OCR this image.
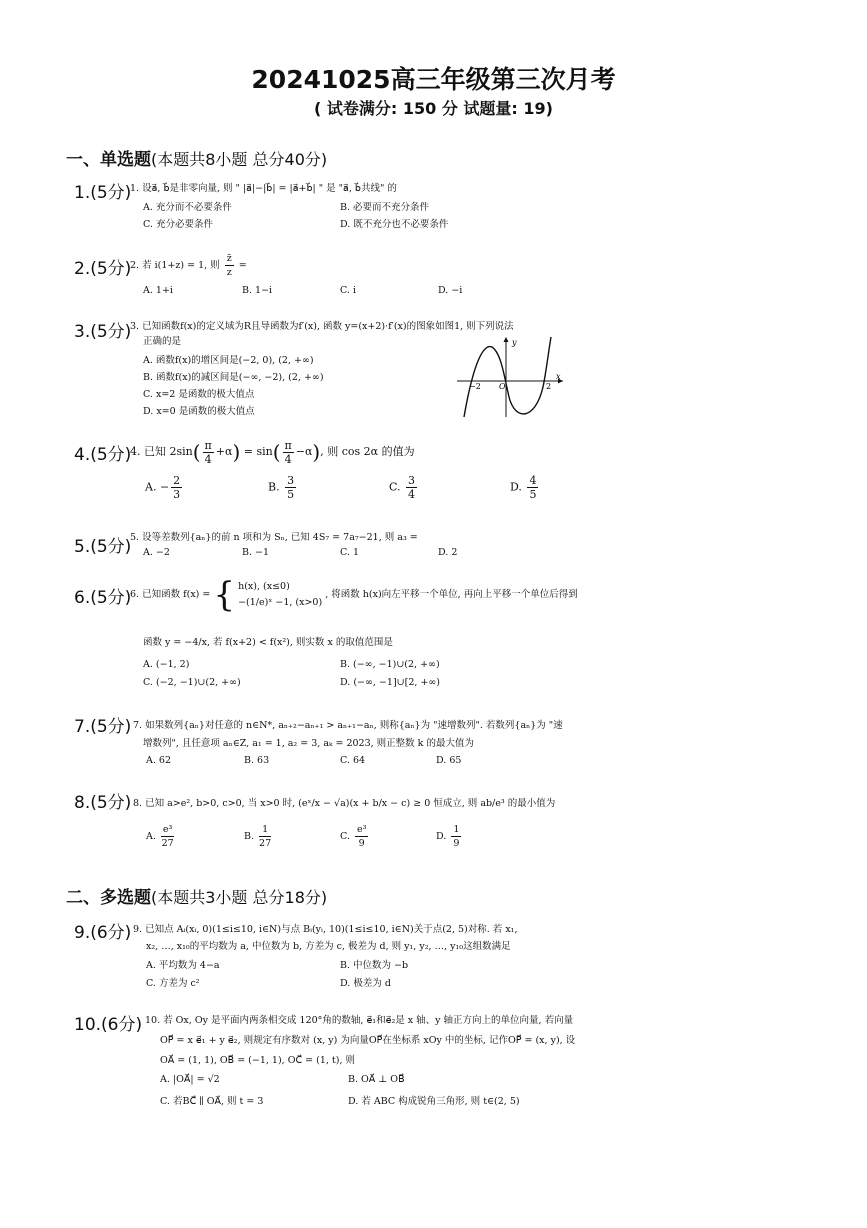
20241025高三年级第三次月考
( 试卷满分: 150 分 试题量: 19)
一、单选题(本题共8小题 总分40分)
1.(5分)
1. 设a⃗, b⃗是非零向量, 则 " |a⃗|−|b⃗| = |a⃗+b⃗| " 是 "a⃗, b⃗共线" 的
A. 充分而不必要条件	B. 必要而不充分条件
C. 充分必要条件	D. 既不充分也不必要条件
2.(5分)
2. 若 i(1+z) = 1, 则 $\frac{z̄}{z}$ =
A. 1+i	B. 1−i	C. i	D. −i
3.(5分)
3. 已知函数f(x)的定义域为R且导函数为f′(x), 函数 y=(x+2)·f′(x)的图象如图1, 则下列说法
正确的是
A. 函数f(x)的增区间是(−2, 0), (2, +∞)
B. 函数f(x)的减区间是(−∞, −2), (2, +∞)
C. x=2 是函数的极大值点
D. x=0 是函数的极大值点
y
x
−2 O	2
4.(5分)
4. 已知 $2\sin( \frac{\pi}{4} +\alpha) = \sin( \frac{\pi}{4} -\alpha)$, 则 cos 2α 的值为
A. − $\frac{2}{3}$	B. $\frac{3}{5}$	C. $\frac{3}{4}$	D. $\frac{4}{5}$
5.(5分)
5. 设等差数列{aₙ}的前 n 项和为 Sₙ, 已知 4S₇ = 7a₇−21, 则 a₃ =
A. −2	B. −1	C. 1	D. 2
6.(5分)
6. 已知函数 f(x) = { h(x), (x≤0)
−(1/e)ˣ −1, (x>0)
, 将函数 h(x)向左平移一个单位, 再向上平移一个单位后得到
函数 y = −4/x, 若 f(x+2) < f(x²), 则实数 x 的取值范围是
A. (−1, 2)	B. (−∞, −1)∪(2, +∞)
C. (−2, −1)∪(2, +∞)	D. (−∞, −1]∪[2, +∞)
7.(5分) 7. 如果数列{aₙ}对任意的 n∈N*, aₙ₊₂−aₙ₊₁ > aₙ₊₁−aₙ, 则称{aₙ}为 "速增数列". 若数列{aₙ}为 "速
增数列", 且任意项 aₙ∈Z, a₁ = 1, a₂ = 3, aₖ = 2023, 则正整数 k 的最大值为
A. 62	B. 63	C. 64	D. 65
8.(5分) 8. 已知 a>e², b>0, c>0, 当 x>0 时, (eˣ/x − √a)(x + b/x − c) ≥ 0 恒成立, 则 ab/e³ 的最小值为
A. $\frac{\text{e³}}{27}$	B. $\frac{1}{27}$	C. $\frac{\text{e³}}{9}$	D. $\frac{1}{9}$
二、多选题(本题共3小题 总分18分)
9.(6分) 9. 已知点 Aᵢ(xᵢ, 0)(1≤i≤10, i∈N)与点 Bᵢ(yᵢ, 10)(1≤i≤10, i∈N)关于点(2, 5)对称. 若 x₁,
x₂, …, x₁₀的平均数为 a, 中位数为 b, 方差为 c, 极差为 d, 则 y₁, y₂, …, y₁₀这组数满足
A. 平均数为 4−a	B. 中位数为 −b
C. 方差为 c²	D. 极差为 d
10.(6分) 10. 若 Ox, Oy 是平面内两条相交成 120°角的数轴, e⃗₁和e⃗₂是 x 轴、y 轴正方向上的单位向量, 若向量
OP⃗ = x e⃗₁ + y e⃗₂, 则规定有序数对 (x, y) 为向量OP⃗在坐标系 xOy 中的坐标, 记作OP⃗ = (x, y), 设
OA⃗ = (1, 1), OB⃗ = (−1, 1), OC⃗ = (1, t), 则
A. |OA⃗| = √2	B. OA⃗ ⊥ OB⃗
C. 若BC⃗ ∥ OA⃗, 则 t = 3	D. 若 ABC 构成锐角三角形, 则 t∈(2, 5)
